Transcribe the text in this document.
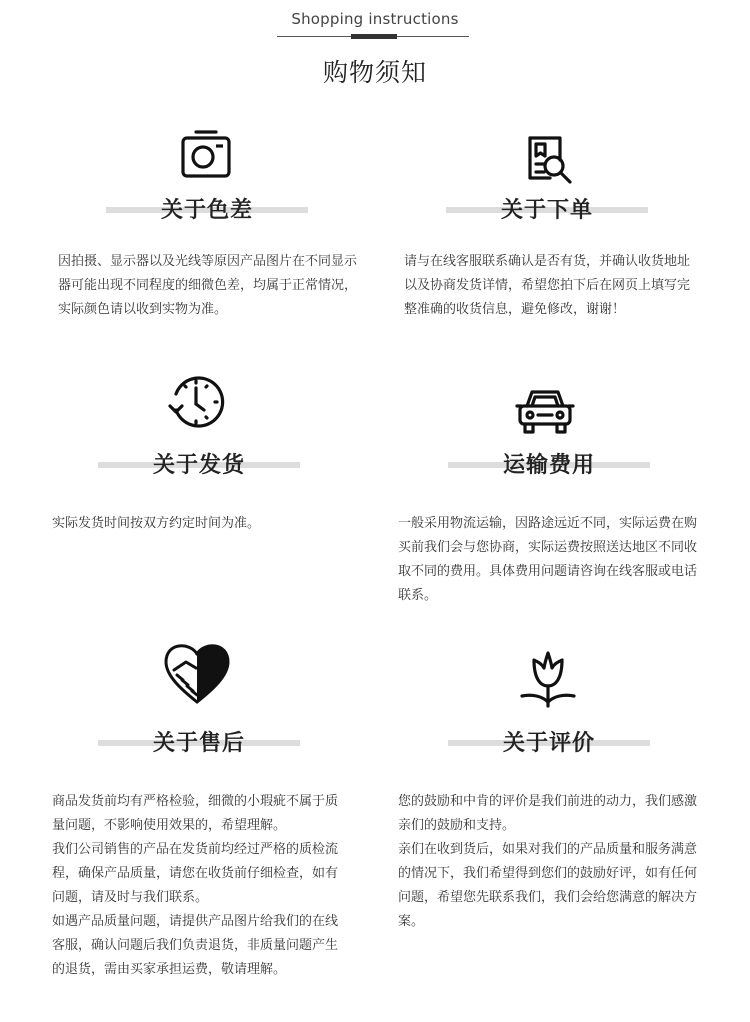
Shopping instructions
购物须知
关于色差

因拍摄、显示器以及光线等原因产品图片在不同显示器可能出现不同程度的细微色差，均属于正常情况，实际颜色请以收到实物为准。

关于下单

请与在线客服联系确认是否有货，并确认收货地址以及协商发货详情，希望您拍下后在网页上填写完整准确的收货信息，避免修改，谢谢！

关于发货

实际发货时间按双方约定时间为准。

运输费用

一般采用物流运输，因路途远近不同，实际运费在购买前我们会与您协商，实际运费按照送达地区不同收取不同的费用。具体费用问题请咨询在线客服或电话联系。

关于售后

商品发货前均有严格检验，细微的小瑕疵不属于质量问题，不影响使用效果的，希望理解。

我们公司销售的产品在发货前均经过严格的质检流程，确保产品质量，请您在收货前仔细检查，如有问题，请及时与我们联系。

如遇产品质量问题，请提供产品图片给我们的在线客服，确认问题后我们负责退货，非质量问题产生的退货，需由买家承担运费，敬请理解。

关于评价

您的鼓励和中肯的评价是我们前进的动力，我们感激亲们的鼓励和支持。

亲们在收到货后，如果对我们的产品质量和服务满意的情况下，我们希望得到您们的鼓励好评，如有任何问题，希望您先联系我们，我们会给您满意的解决方案。
